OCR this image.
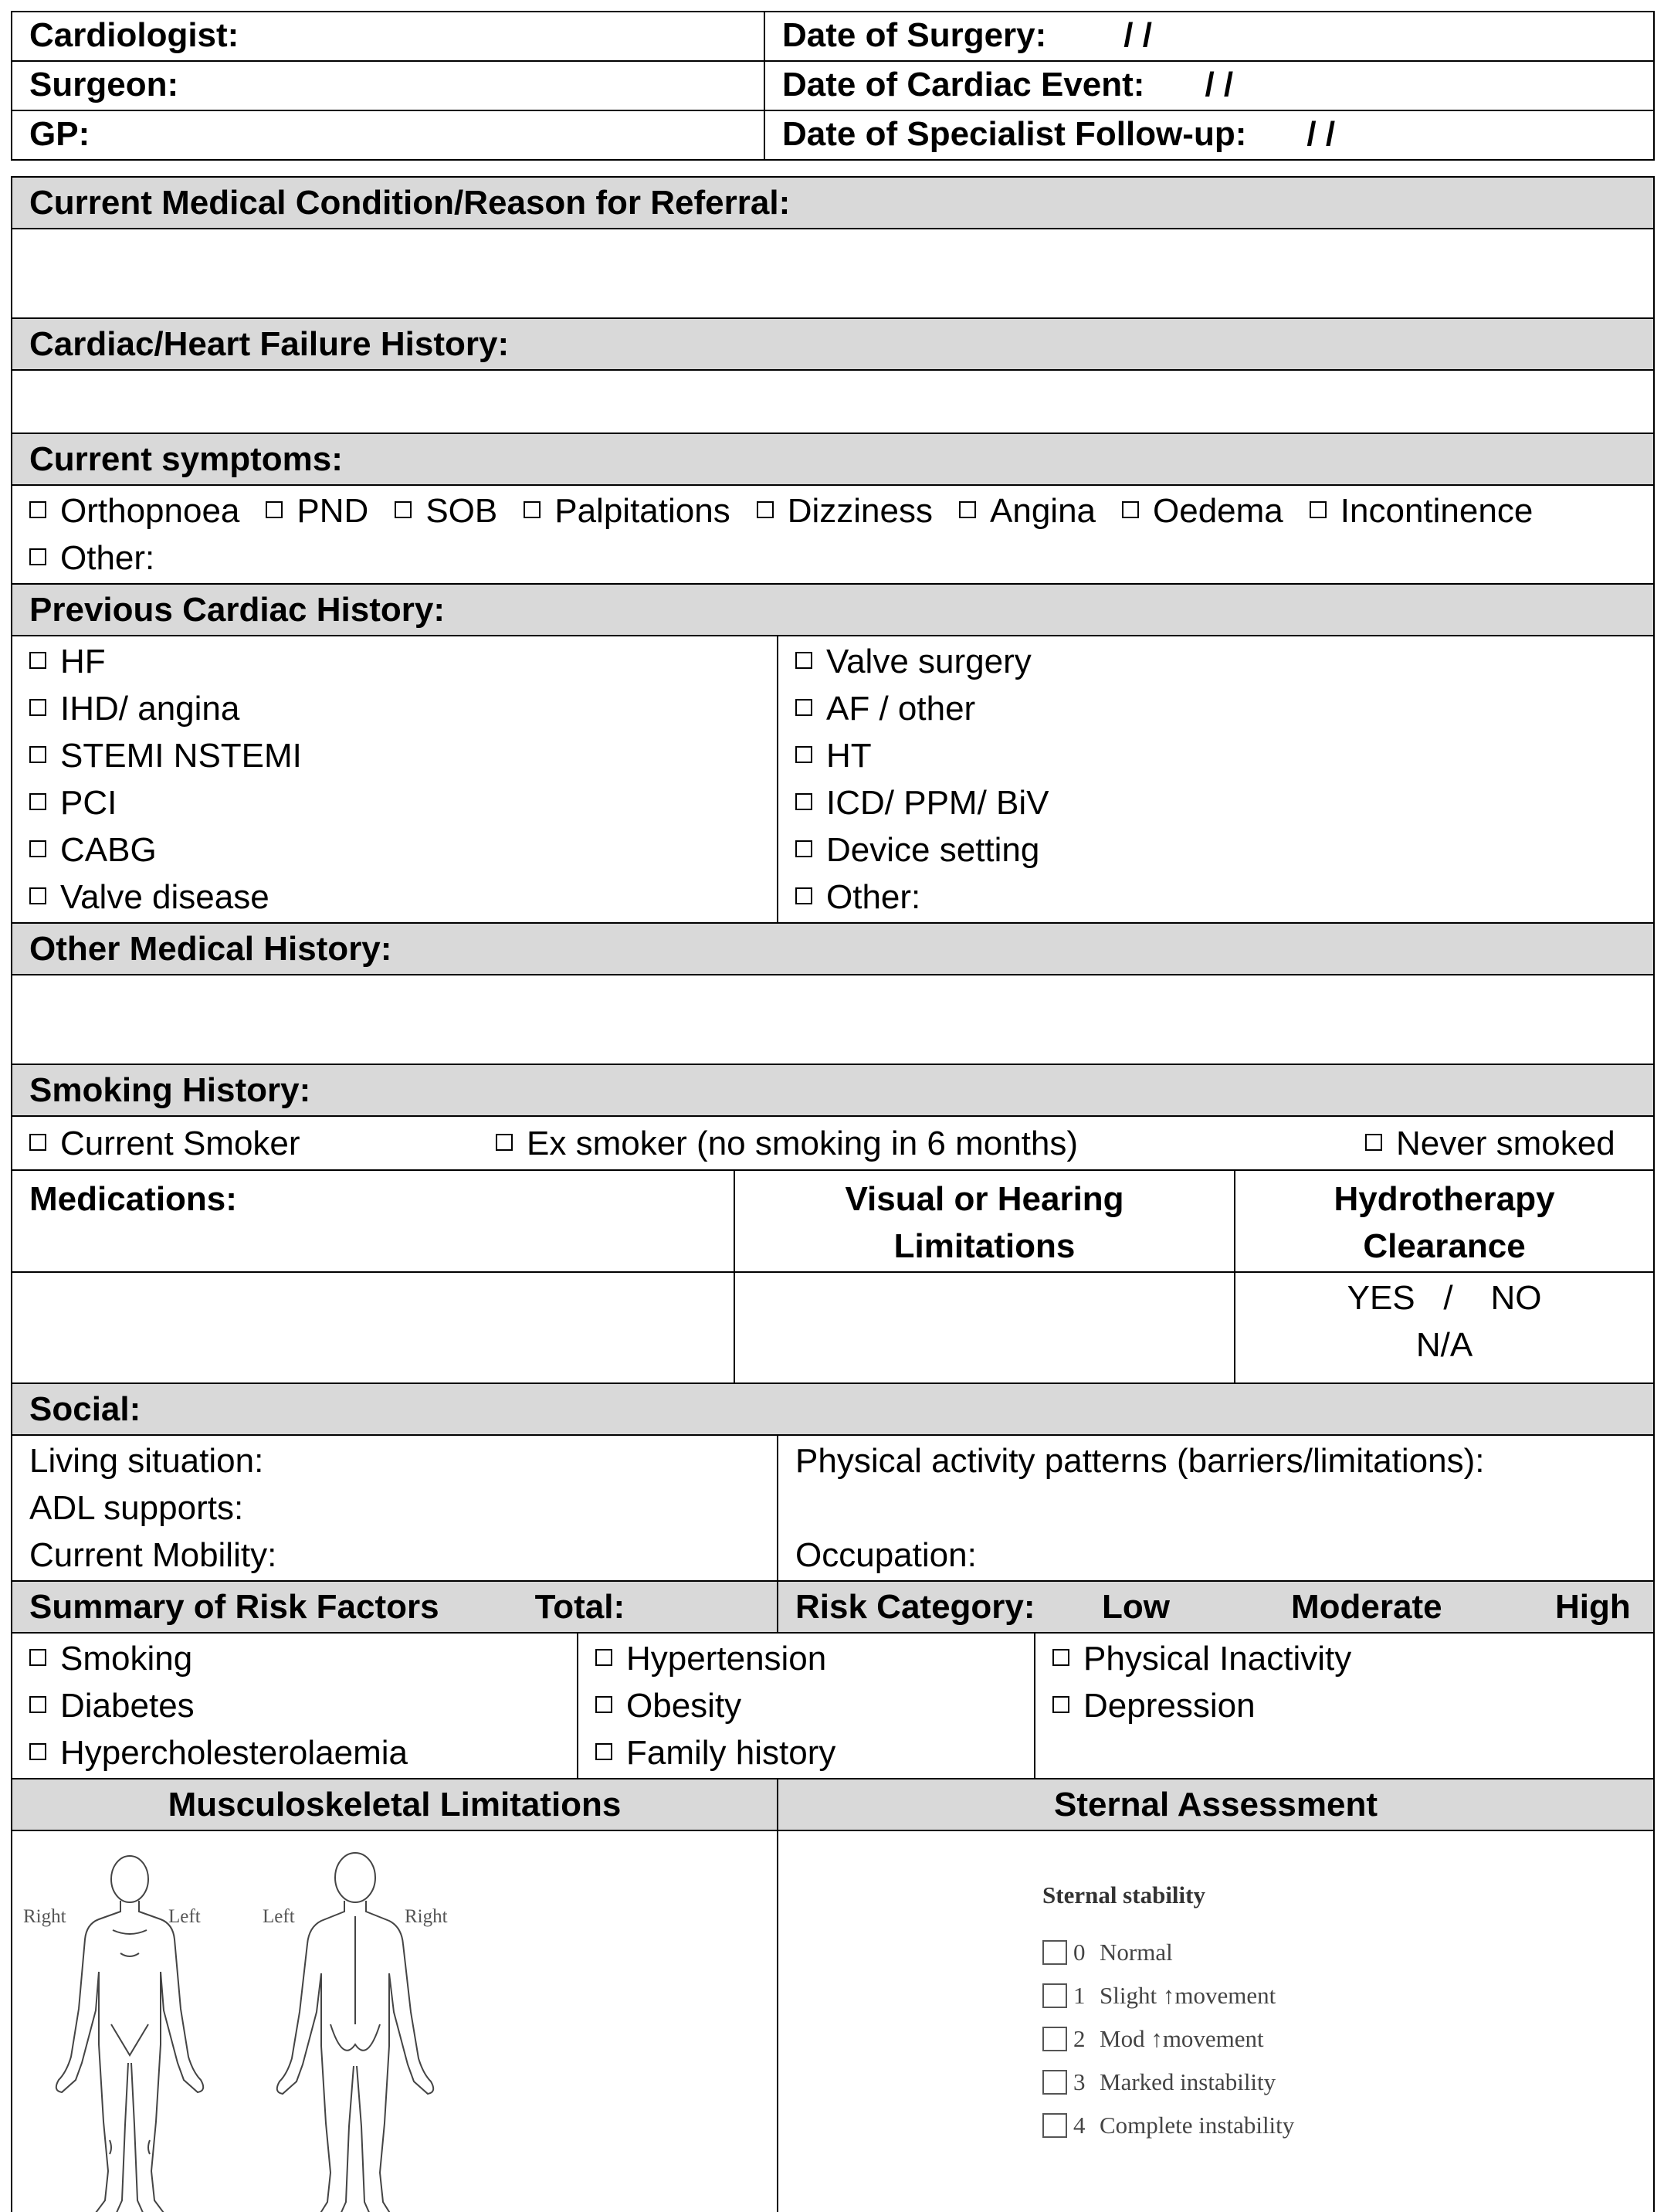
Cardiologist:	Date of Surgery: / /
Surgeon:	Date of Cardiac Event: / /
GP:	Date of Specialist Follow-up: / /
Current Medical Condition/Reason for Referral:

Cardiac/Heart Failure History:

Current symptoms:

Orthopnoea PND SOB Palpitations Dizziness Angina Oedema Incontinence
Other:

Previous Cardiac History:

HF
IHD/ angina
STEMI NSTEMI
PCI
CABG
Valve disease

Valve surgery
AF / other
HT
ICD/ PPM/ BiV
Device setting
Other:

Other Medical History:

Smoking History:

Current Smoker	Ex smoker (no smoking in 6 months)	Never smoked

Medications:	Visual or Hearing Limitations	Hydrotherapy Clearance

YES   /    NO
N/A

Social:

Living situation:
ADL supports:
Current Mobility:

Physical activity patterns (barriers/limitations):
Occupation:

Summary of Risk Factors	Total:	Risk Category: Low	Moderate	High

Smoking
Diabetes
Hypercholesterolaemia

Hypertension
Obesity
Family history

Physical Inactivity
Depression

Musculoskeletal Limitations	Sternal Assessment

Right	Left	Left	Right

Sternal stability
0 Normal
1 Slight ↑movement
2 Mod ↑movement
3 Marked instability
4 Complete instability
